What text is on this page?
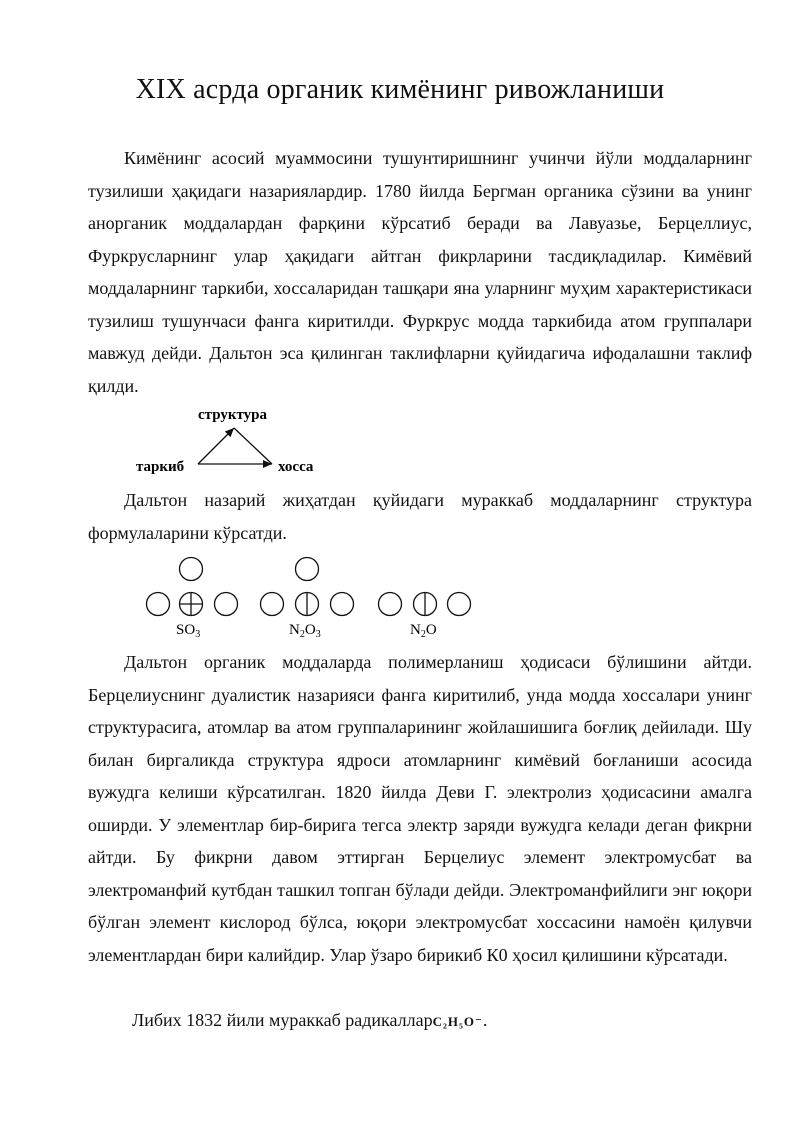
XIX асрда органик кимёнинг ривожланиши

Кимёнинг асосий муаммосини тушунтиришнинг учинчи йўли моддаларнинг тузилиши ҳақидаги назариялардир. 1780 йилда Бергман органика сўзини ва унинг анорганик моддалардан фарқини кўрсатиб беради ва Лавуазье, Берцеллиус, Фуркрусларнинг улар ҳақидаги айтган фикрларини тасдиқладилар. Кимёвий моддаларнинг таркиби, хоссаларидан ташқари яна уларнинг муҳим характеристикаси тузилиш тушунчаси фанга киритилди. Фуркрус модда таркибида атом группалари мавжуд дейди. Дальтон эса қилинган таклифларни қуйидагича ифодалашни таклиф қилди.

структура
таркиб	хосса

Дальтон назарий жиҳатдан қуйидаги мураккаб моддаларнинг структура формулаларини кўрсатди.

$SO_3$	$N_2O_3$	$N_2O$

Дальтон органик моддаларда полимерланиш ҳодисаси бўлишини айтди. Берцелиуснинг дуалистик назарияси фанга киритилиб, унда модда хоссалари унинг структурасига, атомлар ва атом группаларининг жойлашишига боғлиқ дейилади. Шу билан биргаликда структура ядроси атомларнинг кимёвий боғланиши асосида вужудга келиши кўрсатилган. 1820 йилда Деви Г. электролиз ҳодисасини амалга оширди. У элементлар бир-бирига тегса электр заряди вужудга келади деган фикрни айтди. Бу фикрни давом эттирган Берцелиус элемент электромусбат ва электроманфий кутбдан ташкил топган бўлади дейди. Электроманфийлиги энг юқори бўлган элемент кислород бўлса, юқори электромусбат хоссасини намоён қилувчи элементлардан бири калийдир. Улар ўзаро бирикиб К0 ҳосил қилишини кўрсатади.

Либих 1832 йили мураккаб радикалларC₂H₅O⁻.
